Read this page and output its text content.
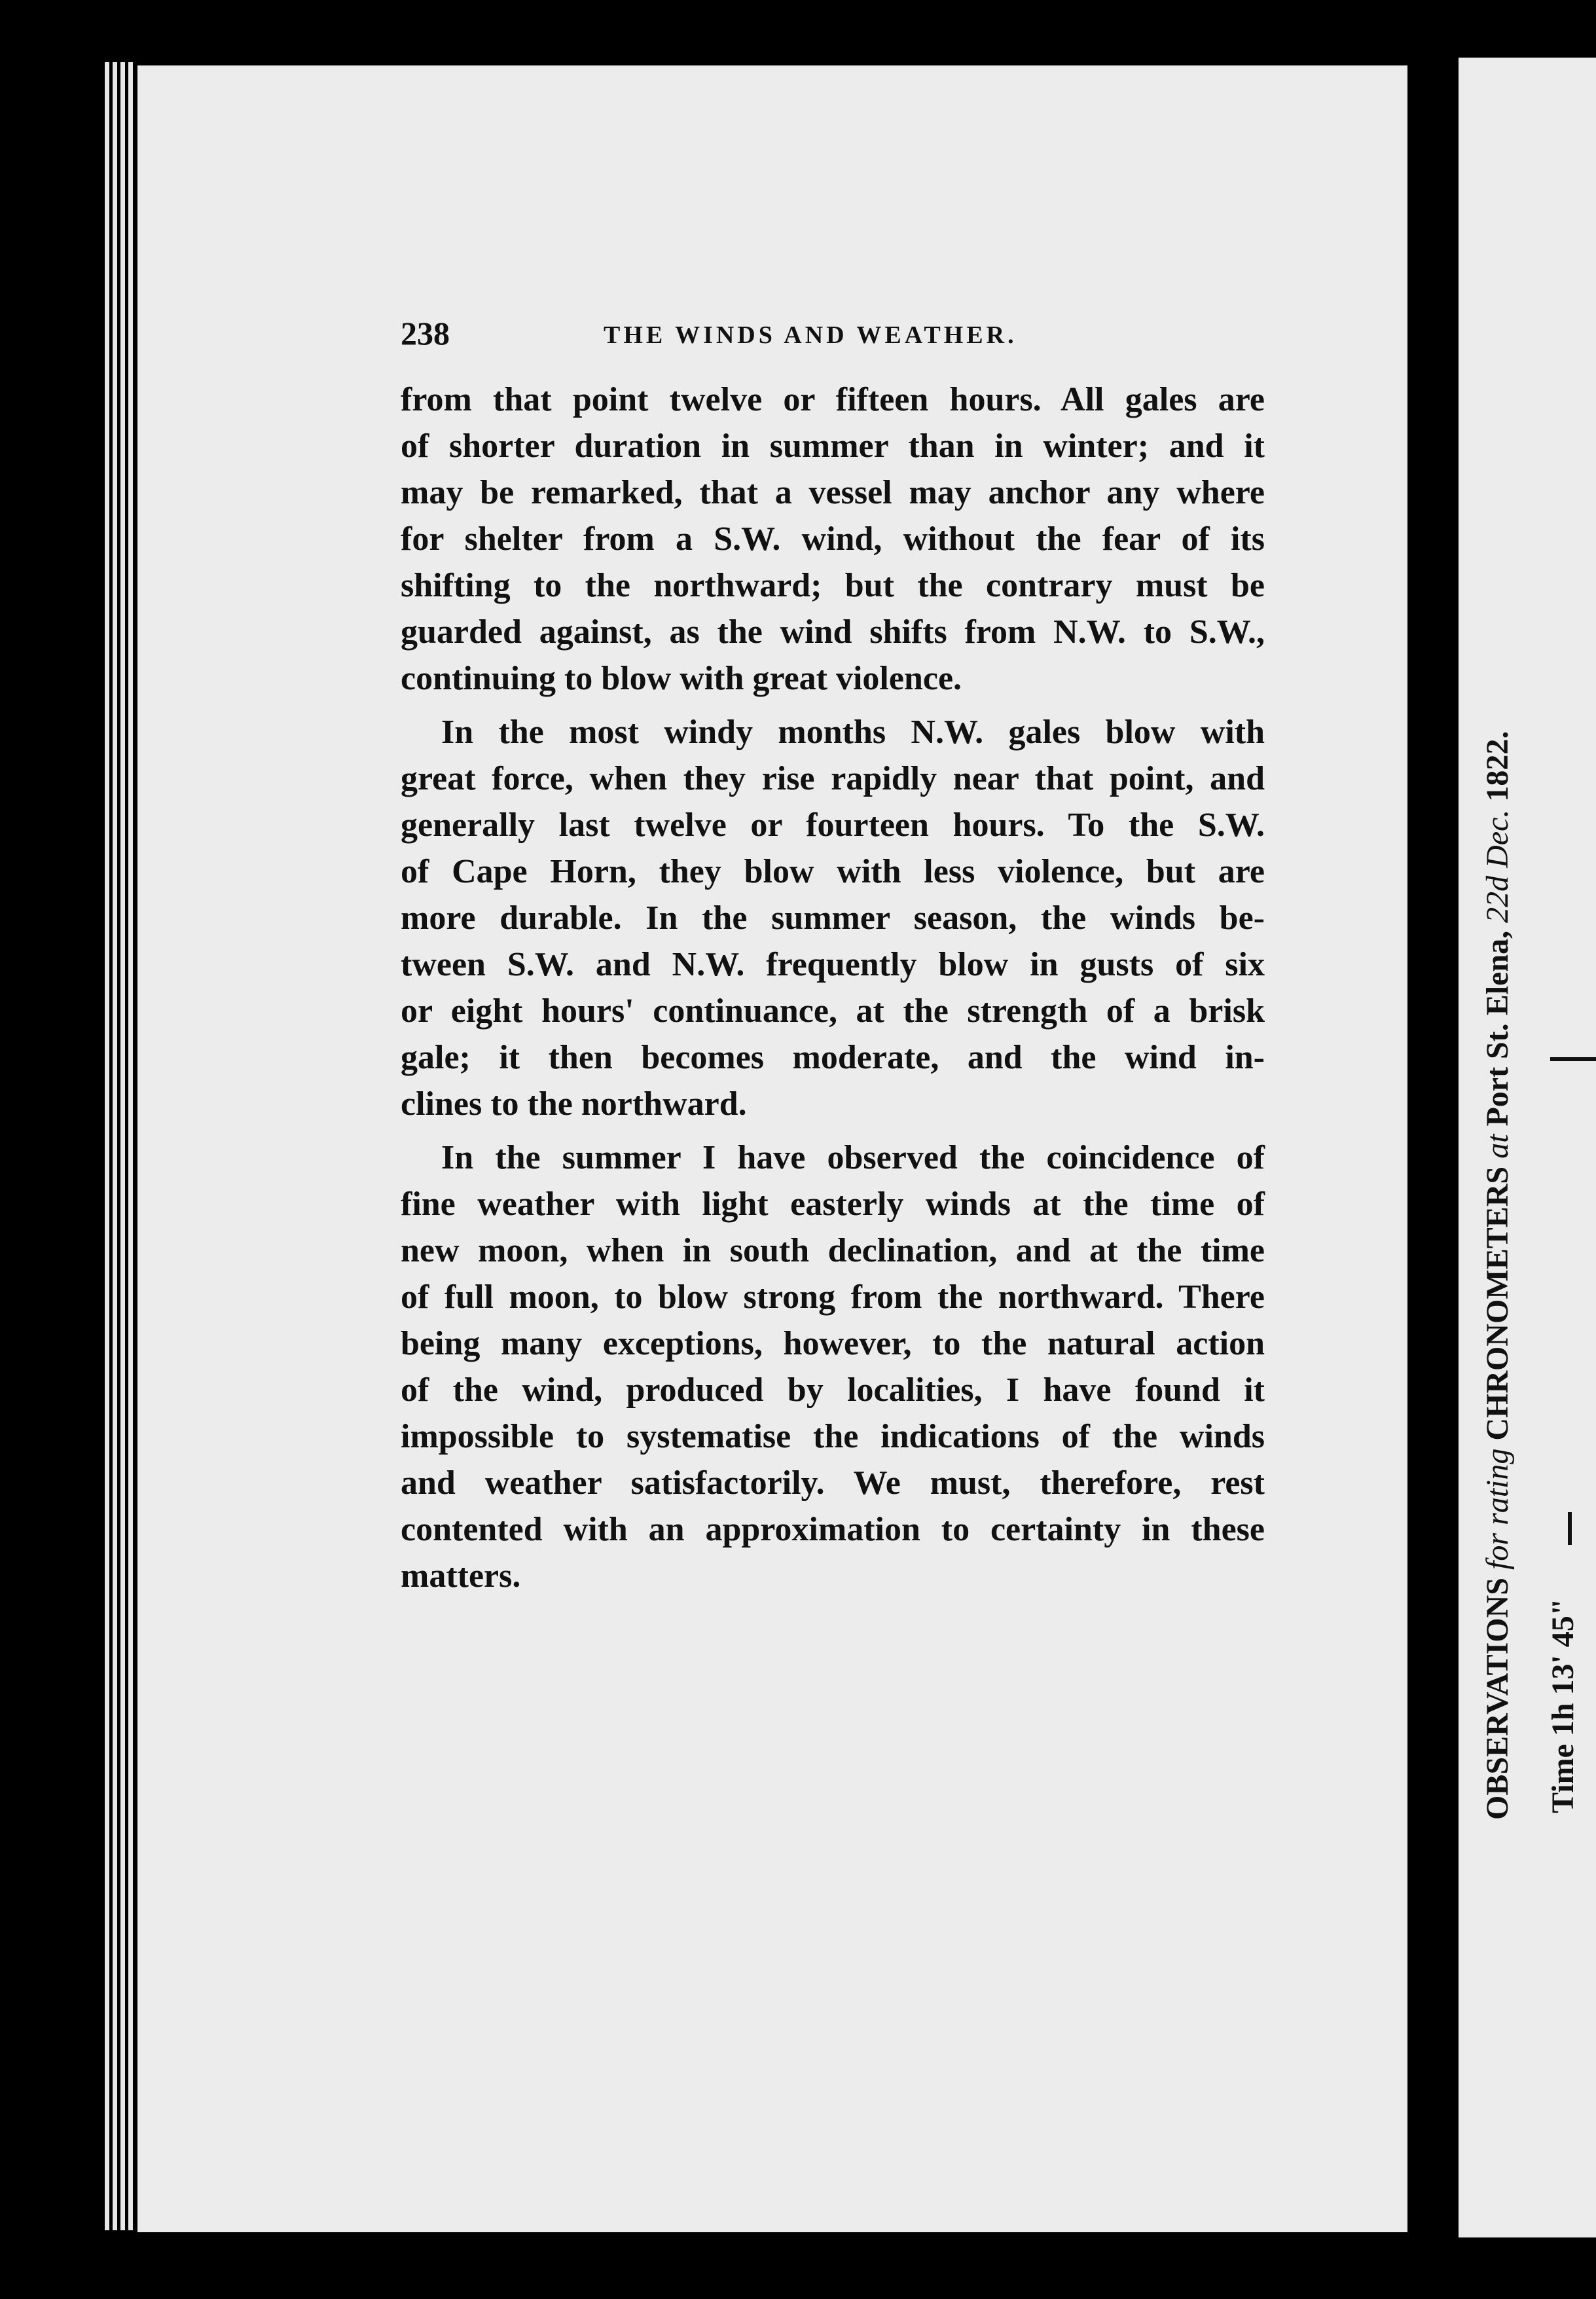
238	THE WINDS AND WEATHER.

from that point twelve or fifteen hours. All gales are

of shorter duration in summer than in winter; and it

may be remarked, that a vessel may anchor any where

for shelter from a S.W. wind, without the fear of its

shifting to the northward; but the contrary must be

guarded against, as the wind shifts from N.W. to S.W.,

continuing to blow with great violence.

In the most windy months N.W. gales blow with

great force, when they rise rapidly near that point, and

generally last twelve or fourteen hours. To the S.W.

of Cape Horn, they blow with less violence, but are

more durable. In the summer season, the winds be-

tween S.W. and N.W. frequently blow in gusts of six

or eight hours' continuance, at the strength of a brisk

gale; it then becomes moderate, and the wind in-

clines to the northward.

In the summer I have observed the coincidence of

fine weather with light easterly winds at the time of

new moon, when in south declination, and at the time

of full moon, to blow strong from the northward. There

being many exceptions, however, to the natural action

of the wind, produced by localities, I have found it

impossible to systematise the indications of the winds

and weather satisfactorily. We must, therefore, rest

contented with an approximation to certainty in these

matters.

OBSERVATIONS for rating CHRONOMETERS at Port St. Elena, 22d Dec. 1822.
Time 1h 13' 45"
